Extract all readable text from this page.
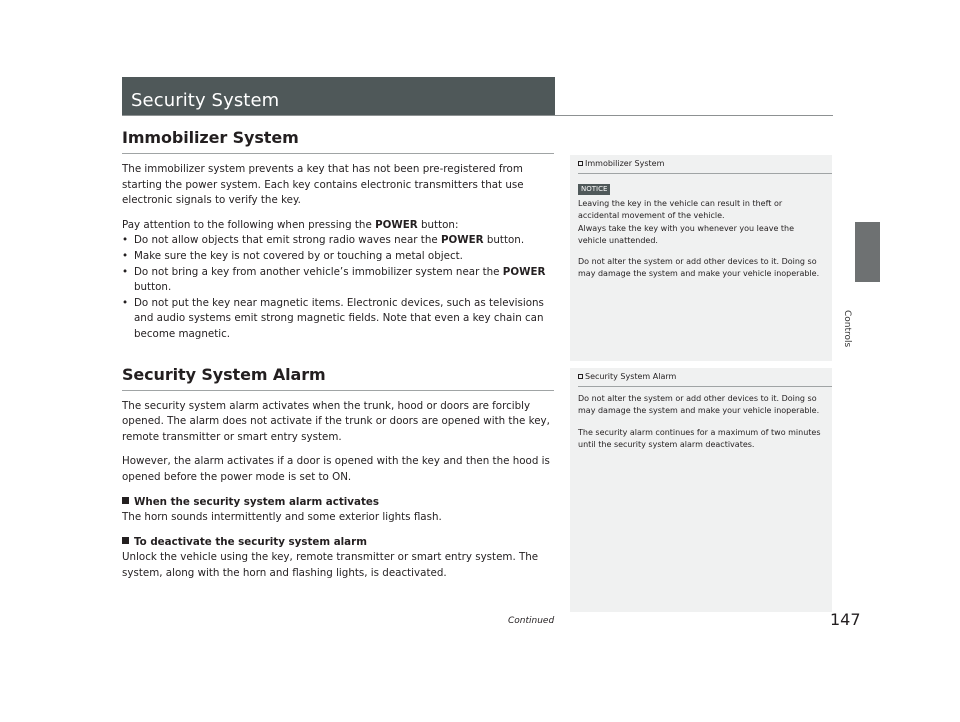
Security System
Controls
Immobilizer System

The immobilizer system prevents a key that has not been pre-registered from starting the power system. Each key contains electronic transmitters that use electronic signals to verify the key.

Pay attention to the following when pressing the POWER button:

• Do not allow objects that emit strong radio waves near the POWER button.
• Make sure the key is not covered by or touching a metal object.
• Do not bring a key from another vehicle’s immobilizer system near the POWER button.
• Do not put the key near magnetic items. Electronic devices, such as televisions and audio systems emit strong magnetic fields. Note that even a key chain can become magnetic.
Security System Alarm

The security system alarm activates when the trunk, hood or doors are forcibly opened. The alarm does not activate if the trunk or doors are opened with the key, remote transmitter or smart entry system.

However, the alarm activates if a door is opened with the key and then the hood is opened before the power mode is set to ON.

When the security system alarm activates

The horn sounds intermittently and some exterior lights flash.

To deactivate the security system alarm

Unlock the vehicle using the key, remote transmitter or smart entry system. The system, along with the horn and flashing lights, is deactivated.

Immobilizer System
NOTICE
Leaving the key in the vehicle can result in theft or accidental movement of the vehicle.
Always take the key with you whenever you leave the vehicle unattended.
Do not alter the system or add other devices to it. Doing so may damage the system and make your vehicle inoperable.
Security System Alarm
Do not alter the system or add other devices to it. Doing so may damage the system and make your vehicle inoperable.
The security alarm continues for a maximum of two minutes until the security system alarm deactivates.
Continued	147
